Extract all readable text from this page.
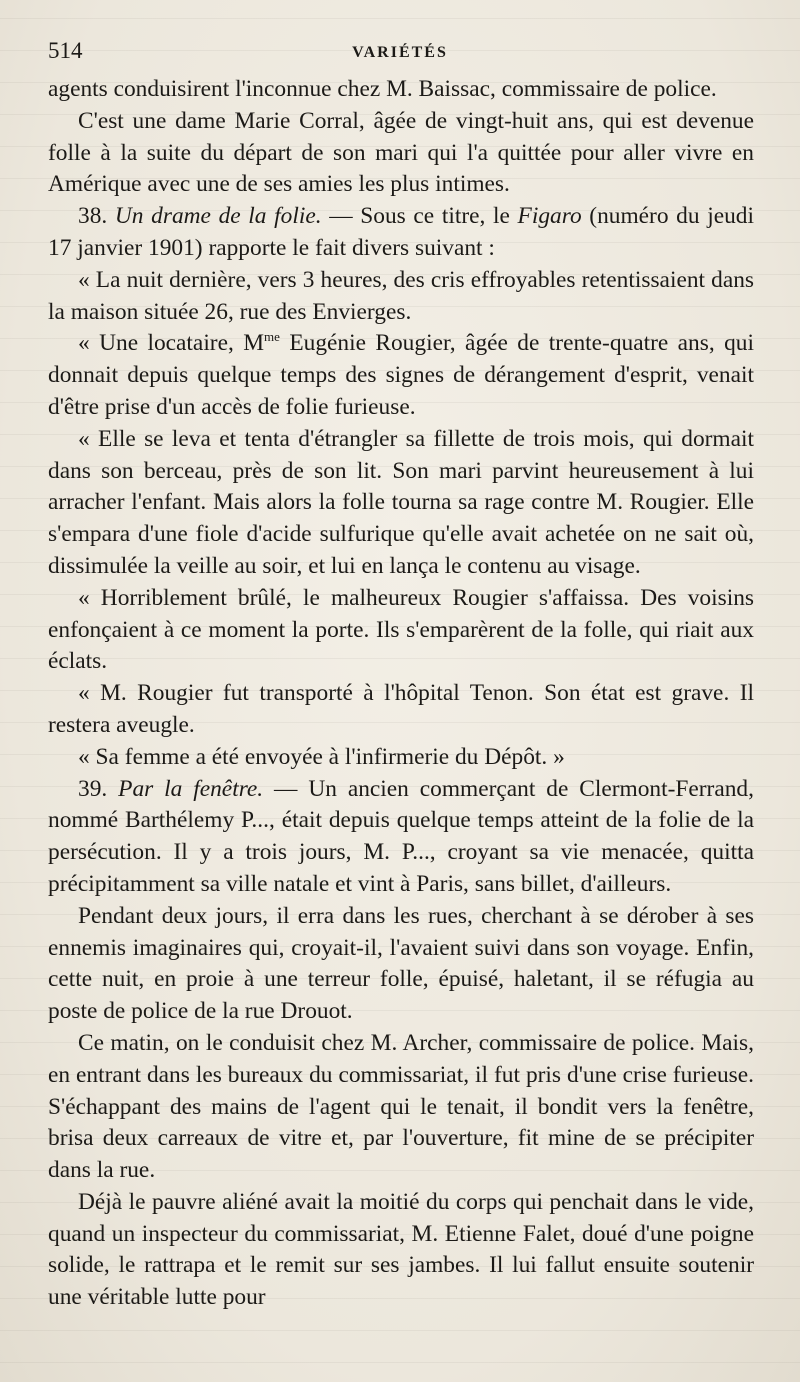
514	VARIÉTÉS

agents conduisirent l'inconnue chez M. Baissac, commissaire de police.

C'est une dame Marie Corral, âgée de vingt-huit ans, qui est devenue folle à la suite du départ de son mari qui l'a quittée pour aller vivre en Amérique avec une de ses amies les plus intimes.

38. Un drame de la folie. — Sous ce titre, le Figaro (numéro du jeudi 17 janvier 1901) rapporte le fait divers suivant :

« La nuit dernière, vers 3 heures, des cris effroyables retentissaient dans la maison située 26, rue des Envierges.

« Une locataire, $M^{me}$ Eugénie Rougier, âgée de trente-quatre ans, qui donnait depuis quelque temps des signes de dérangement d'esprit, venait d'être prise d'un accès de folie furieuse.

« Elle se leva et tenta d'étrangler sa fillette de trois mois, qui dormait dans son berceau, près de son lit. Son mari parvint heureusement à lui arracher l'enfant. Mais alors la folle tourna sa rage contre M. Rougier. Elle s'empara d'une fiole d'acide sulfurique qu'elle avait achetée on ne sait où, dissimulée la veille au soir, et lui en lança le contenu au visage.

« Horriblement brûlé, le malheureux Rougier s'affaissa. Des voisins enfonçaient à ce moment la porte. Ils s'emparèrent de la folle, qui riait aux éclats.

« M. Rougier fut transporté à l'hôpital Tenon. Son état est grave. Il restera aveugle.

« Sa femme a été envoyée à l'infirmerie du Dépôt. »

39. Par la fenêtre. — Un ancien commerçant de Clermont-Ferrand, nommé Barthélemy P..., était depuis quelque temps atteint de la folie de la persécution. Il y a trois jours, M. P..., croyant sa vie menacée, quitta précipitamment sa ville natale et vint à Paris, sans billet, d'ailleurs.

Pendant deux jours, il erra dans les rues, cherchant à se dérober à ses ennemis imaginaires qui, croyait-il, l'avaient suivi dans son voyage. Enfin, cette nuit, en proie à une terreur folle, épuisé, haletant, il se réfugia au poste de police de la rue Drouot.

Ce matin, on le conduisit chez M. Archer, commissaire de police. Mais, en entrant dans les bureaux du commissariat, il fut pris d'une crise furieuse. S'échappant des mains de l'agent qui le tenait, il bondit vers la fenêtre, brisa deux carreaux de vitre et, par l'ouverture, fit mine de se précipiter dans la rue.

Déjà le pauvre aliéné avait la moitié du corps qui penchait dans le vide, quand un inspecteur du commissariat, M. Etienne Falet, doué d'une poigne solide, le rattrapa et le remit sur ses jambes. Il lui fallut ensuite soutenir une véritable lutte pour
